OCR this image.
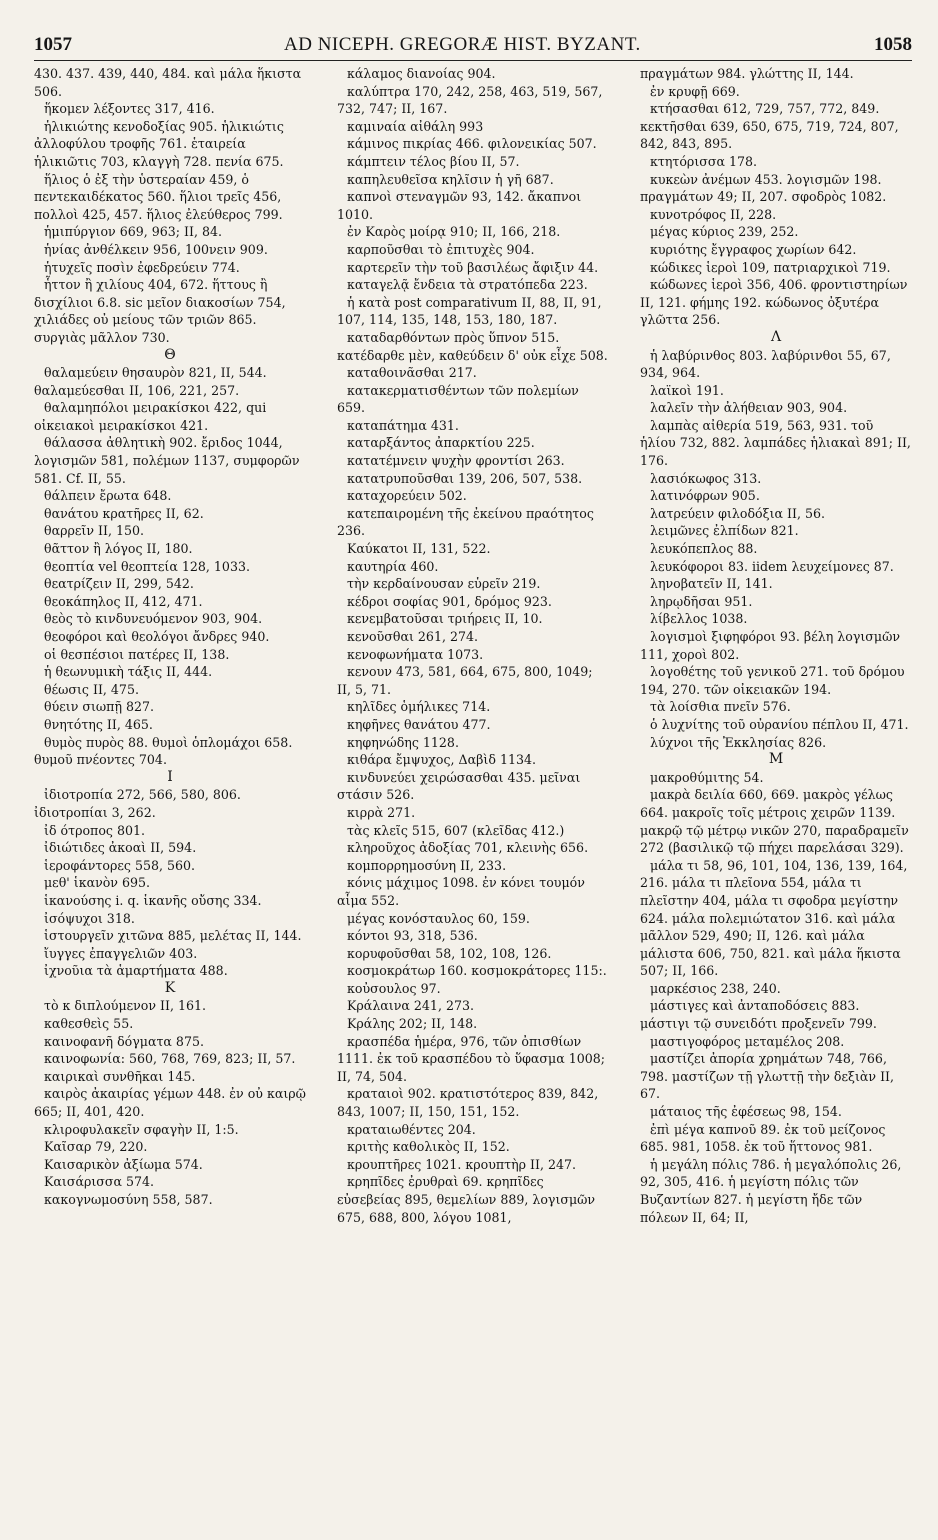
1057	AD NICEPH. GREGORÆ HIST. BYZANT.	1058

430. 437. 439, 440, 484. καὶ μάλα ἥκιστα 506.

ἥκομεν λέξοντες 317, 416.

ἡλικιώτης κενοδοξίας 905. ἡλικιώτις ἀλλοφύλου τροφῆς 761. ἑταιρεία ἡλικιῶτις 703, κλαγγὴ 728. πενία 675.

ἥλιος ὁ ἐξ τὴν ὑστεραίαν 459, ὁ πεντεκαιδέκατος 560. ἥλιοι τρεῖς 456, πολλοὶ 425, 457. ἥλιος ἐλεύθερος 799.

ἡμιπύργιον 669, 963; II, 84.

ἡνίας ἀνθέλκειν 956, 100νειν 909.

ἡτυχεῖς ποσὶν ἐφεδρεύειν 774.

ἧττον ἢ χιλίους 404, 672. ἥττους ἢ δισχίλιοι 6.8. sic μεῖον διακοσίων 754, χιλιάδες οὐ μείους τῶν τριῶν 865. συργιὰς μᾶλλον 730.

Θ

θαλαμεύειν θησαυρὸν 821, II, 544. θαλαμεύεσθαι II, 106, 221, 257.

θαλαμηπόλοι μειρακίσκοι 422, qui οἰκειακοὶ μειρακίσκοι 421.

θάλασσα ἀθλητικὴ 902. ἔριδος 1044, λογισμῶν 581, πολέμων 1137, συμφορῶν 581. Cf. II, 55.

θάλπειν ἔρωτα 648.

θανάτου κρατῆρες II, 62.

θαρρεῖν II, 150.

θᾶττον ἢ λόγος II, 180.

θεοπτία vel θεοπτεία 128, 1033.

θεατρίζειν II, 299, 542.

θεοκάπηλος II, 412, 471.

θεὸς τὸ κινδυνευόμενον 903, 904.

θεοφόροι καὶ θεολόγοι ἄνδρες 940.

οἱ θεσπέσιοι πατέρες II, 138.

ἡ θεωνυμικὴ τάξις II, 444.

θέωσις II, 475.

θύειν σιωπῇ 827.

θνητότης II, 465.

θυμὸς πυρὸς 88. θυμοὶ ὁπλομάχοι 658. θυμοῦ πνέοντες 704.

I

ἰδιοτροπία 272, 566, 580, 806. ἰδιοτροπίαι 3, 262.

ἰδ ότροπος 801.

ἰδιώτιδες ἀκοαὶ II, 594.

ἱεροφάντορες 558, 560.

μεθ' ἱκανὸν 695.

ἱκανούσης i. q. ἱκανῆς οὔσης 334.

ἰσόψυχοι 318.

ἱστουργεῖν χιτῶνα 885, μελέτας II, 144.

ἴυγγες ἐπαγγελιῶν 403.

ἰχνοῦια τὰ ἁμαρτήματα 488.

K

τὸ κ διπλούμενον II, 161.

καθεσθεὶς 55.

καινοφανῆ δόγματα 875.

καινοφωνία: 560, 768, 769, 823; II, 57.

καιρικαὶ συνθῆκαι 145.

καιρὸς ἀκαιρίας γέμων 448. ἐν οὐ καιρῷ 665; II, 401, 420.

κλιροφυλακεῖν σφαγὴν II, 1:5.

Καῖσαρ 79, 220.

Καισαρικὸν ἀξίωμα 574.

Καισάρισσα 574.

κακογνωμοσύνη 558, 587.

κάλαμος διανοίας 904.

καλύπτρα 170, 242, 258, 463, 519, 567, 732, 747; II, 167.

καμιναία αἰθάλη 993

κάμινος πικρίας 466. φιλονεικίας 507.

κάμπτειν τέλος βίου II, 57.

καπηλευθεῖσα κηλῖσιν ἡ γῆ 687.

καπνοὶ στεναγμῶν 93, 142. ἄκαπνοι 1010.

ἐν Καρὸς μοίρᾳ 910; II, 166, 218.

καρποῦσθαι τὸ ἐπιτυχὲς 904.

καρτερεῖν τὴν τοῦ βασιλέως ἄφιξιν 44.

καταγελᾷ ἔνδεια τὰ στρατόπεδα 223.

ἡ κατὰ post comparativum II, 88, II, 91, 107, 114, 135, 148, 153, 180, 187.

καταδαρθόντων πρὸς ὕπνον 515. κατέδαρθε μὲν, καθεύδειν δ' οὐκ εἶχε 508.

καταθοινᾶσθαι 217.

κατακερματισθέντων τῶν πολεμίων 659.

καταπάτημα 431.

καταρξάντος ἀπαρκτίου 225.

κατατέμνειν ψυχὴν φροντίσι 263.

κατατρυποῦσθαι 139, 206, 507, 538.

καταχορεύειν 502.

κατεπαιρομένη τῆς ἐκείνου πραότητος 236.

Καύκατοι II, 131, 522.

καυτηρία 460.

τὴν κερδαίνουσαν εὑρεῖν 219.

κέδροι σοφίας 901, δρόμος 923.

κενεμβατοῦσαι τριήρεις II, 10.

κενοῦσθαι 261, 274.

κενοφωνήματα 1073.

κενουν 473, 581, 664, 675, 800, 1049; II, 5, 71.

κηλῖδες ὁμήλικες 714.

κηφῆνες θανάτου 477.

κηφηνώδης 1128.

κιθάρα ἔμψυχος, Δαβὶδ 1134.

κινδυνεύει χειρώσασθαι 435. μεῖναι στάσιν 526.

κιρρὰ 271.

τὰς κλεῖς 515, 607 (κλεῖδας 412.)

κληροῦχος ἀδοξίας 701, κλεινὴς 656.

κομπορρημοσύνη II, 233.

κόνις μάχιμος 1098. ἐν κόνει τουμόν αἷμα 552.

μέγας κονόσταυλος 60, 159.

κόντοι 93, 318, 536.

κορυφοῦσθαι 58, 102, 108, 126.

κοσμοκράτωρ 160. κοσμοκράτορες 115:.

κοὐσουλος 97.

Κράλαινα 241, 273.

Κράλης 202; II, 148.

κρασπέδα ἡμέρα, 976, τῶν ὀπισθίων 1111. ἐκ τοῦ κρασπέδου τὸ ὕφασμα 1008; II, 74, 504.

κραταιοὶ 902. κρατιστότερος 839, 842, 843, 1007; II, 150, 151, 152.

κραταιωθέντες 204.

κριτὴς καθολικὸς II, 152.

κρουπτῆρες 1021. κρουπτὴρ II, 247.

κρηπῖδες ἐρυθραὶ 69. κρηπῖδες εὐσεβείας 895, θεμελίων 889, λογισμῶν 675, 688, 800, λόγου 1081,

πραγμάτων 984. γλώττης II, 144.

ἐν κρυφῇ 669.

κτήσασθαι 612, 729, 757, 772, 849. κεκτῆσθαι 639, 650, 675, 719, 724, 807, 842, 843, 895.

κτητόρισσα 178.

κυκεὼν ἀνέμων 453. λογισμῶν 198. πραγμάτων 49; II, 207. σφοδρὸς 1082.

κυνοτρόφος II, 228.

μέγας κύριος 239, 252.

κυριότης ἔγγραφος χωρίων 642.

κώδικες ἱεροὶ 109, πατριαρχικοὶ 719.

κώδωνες ἱεροὶ 356, 406. φροντιστηρίων II, 121. φήμης 192. κώδωνος ὀξυτέρα γλῶττα 256.

Λ

ἡ λαβύρινθος 803. λαβύρινθοι 55, 67, 934, 964.

λαϊκοὶ 191.

λαλεῖν τὴν ἀλήθειαν 903, 904.

λαμπὰς αἰθερία 519, 563, 931. τοῦ ἡλίου 732, 882. λαμπάδες ἡλιακαὶ 891; II, 176.

λασιόκωφος 313.

λατινόφρων 905.

λατρεύειν φιλοδόξια II, 56.

λειμῶνες ἐλπίδων 821.

λευκόπεπλος 88.

λευκόφοροι 83. iidem λευχείμονες 87.

ληνοβατεῖν II, 141.

ληρῳδῆσαι 951.

λίβελλος 1038.

λογισμοὶ ξιφηφόροι 93. βέλη λογισμῶν 111, χοροὶ 802.

λογοθέτης τοῦ γενικοῦ 271. τοῦ δρόμου 194, 270. τῶν οἰκειακῶν 194.

τὰ λοίσθια πνεῖν 576.

ὁ λυχνίτης τοῦ οὐρανίου πέπλου II, 471.

λύχνοι τῆς Ἐκκλησίας 826.

M

μακροθύμιτης 54.

μακρὰ δειλία 660, 669. μακρὸς γέλως 664. μακροῖς τοῖς μέτροις χειρῶν 1139. μακρῷ τῷ μέτρῳ νικῶν 270, παραδραμεῖν 272 (βασιλικῷ τῷ πήχει παρελάσαι 329).

μάλα τι 58, 96, 101, 104, 136, 139, 164, 216. μάλα τι πλεῖονα 554, μάλα τι πλεῖστην 404, μάλα τι σφοδρα μεγίστην 624. μάλα πολεμιώτατον 316. καὶ μάλα μᾶλλον 529, 490; II, 126. καὶ μάλα μάλιστα 606, 750, 821. καὶ μάλα ἥκιστα 507; II, 166.

μαρκέσιος 238, 240.

μάστιγες καὶ ἀνταποδόσεις 883. μάστιγι τῷ συνειδότι προξενεῖν 799.

μαστιγοφόρος μεταμέλος 208.

μαστίζει ἀπορία χρημάτων 748, 766, 798. μαστίζων τῇ γλωττῇ τὴν δεξιὰν II, 67.

μάταιος τῆς ἐφέσεως 98, 154.

ἐπὶ μέγα καπνοῦ 89. ἐκ τοῦ μείζονος 685. 981, 1058. ἐκ τοῦ ἥττονος 981.

ἡ μεγάλη πόλις 786. ἡ μεγαλόπολις 26, 92, 305, 416. ἡ μεγίστη πόλις τῶν Βυζαντίων 827. ἡ μεγίστη ἤδε τῶν πόλεων II, 64; II,
